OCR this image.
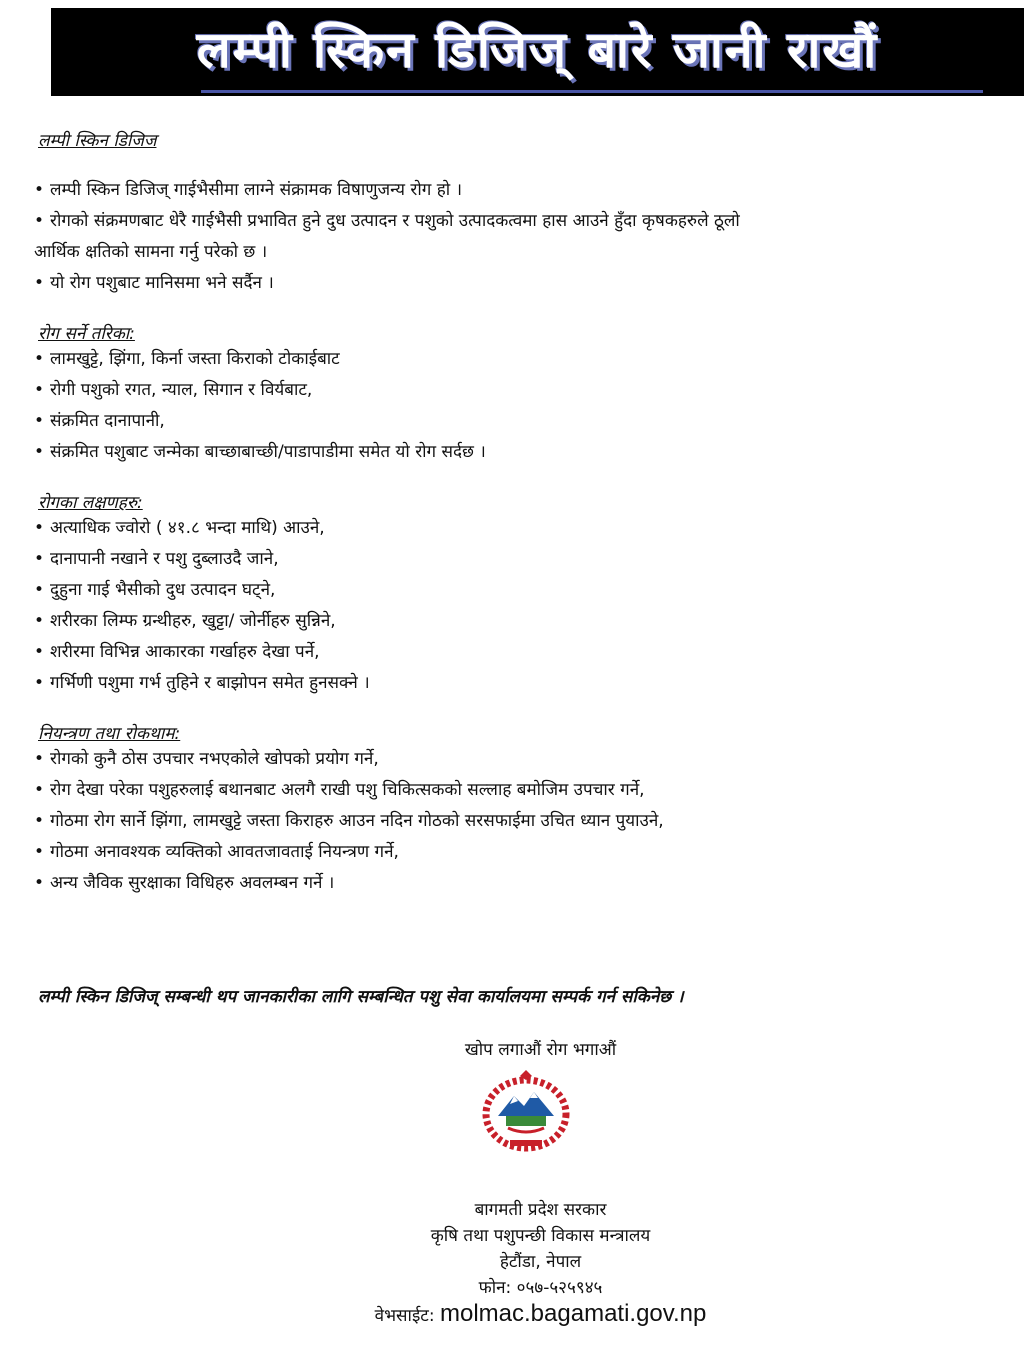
लम्पी स्किन डिजिज् बारे जानी राखौं

लम्पी स्किन डिजिज

• लम्पी स्किन डिजिज् गाईभैसीमा लाग्ने संक्रामक विषाणुजन्य रोग हो ।

• रोगको संक्रमणबाट धेरै गाईभैसी प्रभावित हुने दुध उत्पादन र पशुको उत्पादकत्वमा हास आउने हुँदा कृषकहरुले ठूलो

आर्थिक क्षतिको सामना गर्नु परेको छ ।

• यो रोग पशुबाट मानिसमा भने सर्दैन ।

रोग सर्ने तरिका:

• लामखुट्टे, झिंगा, किर्ना जस्ता किराको टोकाईबाट

• रोगी पशुको रगत, न्याल, सिगान र विर्यबाट,

• संक्रमित दानापानी,

• संक्रमित पशुबाट जन्मेका बाच्छाबाच्छी/पाडापाडीमा समेत यो रोग सर्दछ ।

रोगका लक्षणहरु:

• अत्याधिक ज्वोरो ( ४१.८ भन्दा माथि) आउने,

• दानापानी नखाने र पशु दुब्लाउदै जाने,

• दुहुना गाई भैसीको दुध उत्पादन घट्ने,

• शरीरका लिम्फ ग्रन्थीहरु, खुट्टा/ जोर्नीहरु सुन्निने,

• शरीरमा विभिन्न आकारका गर्खाहरु देखा पर्ने,

• गर्भिणी पशुमा गर्भ तुहिने र बाझोपन समेत हुनसक्ने ।

नियन्त्रण तथा रोकथाम:

• रोगको कुनै ठोस उपचार नभएकोले खोपको प्रयोग गर्ने,

• रोग देखा परेका पशुहरुलाई बथानबाट अलगै राखी पशु चिकित्सकको सल्लाह बमोजिम उपचार गर्ने,

• गोठमा रोग सार्ने झिंगा, लामखुट्टे जस्ता किराहरु आउन नदिन गोठको सरसफाईमा उचित ध्यान पुयाउने,

• गोठमा अनावश्यक व्यक्तिको आवतजावताई नियन्त्रण गर्ने,

• अन्य जैविक सुरक्षाका विधिहरु अवलम्बन गर्ने ।

लम्पी स्किन डिजिज् सम्बन्धी थप जानकारीका लागि सम्बन्धित पशु सेवा कार्यालयमा सम्पर्क गर्न सकिनेछ ।
खोप लगाऔं रोग भगाऔं
बागमती प्रदेश सरकार
कृषि तथा पशुपन्छी विकास मन्त्रालय
हेटौंडा, नेपाल
फोन: ०५७-५२५९४५
वेभसाईट: molmac.bagamati.gov.np
